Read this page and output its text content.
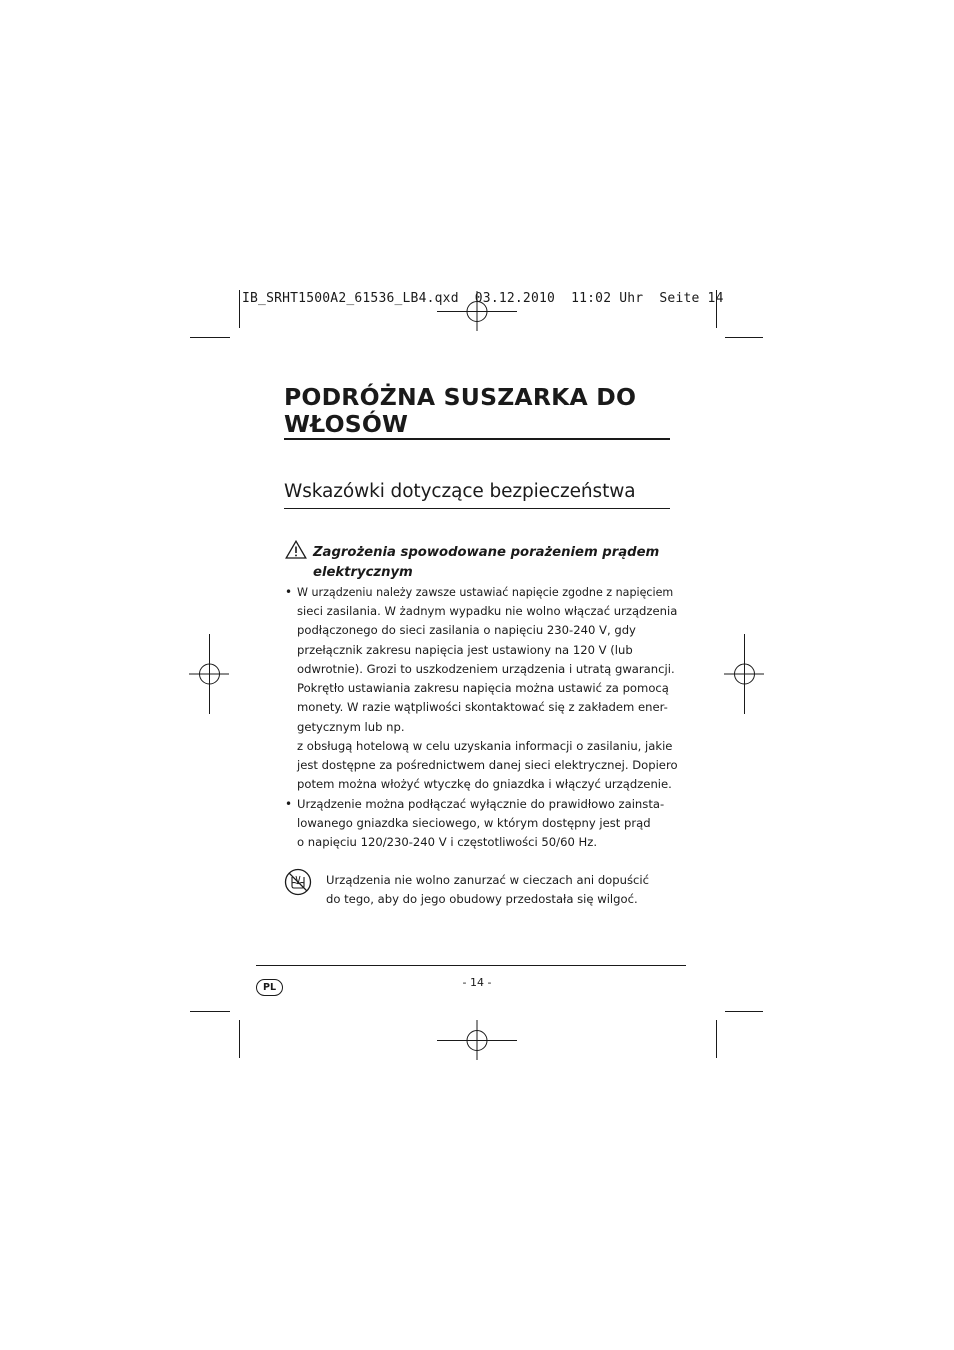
IB_SRHT1500A2_61536_LB4.qxd  03.12.2010  11:02 Uhr  Seite 14
PODRÓŻNA SUSZARKA DO
WŁOSÓW
Wskazówki dotyczące bezpieczeństwa
Zagrożenia spowodowane porażeniem prądem
elektrycznym
• W urządzeniu należy zawsze ustawiać napięcie zgodne z napięciem
sieci zasilania. W żadnym wypadku nie wolno włączać urządzenia
podłączonego do sieci zasilania o napięciu 230-240 V, gdy
przełącznik zakresu napięcia jest ustawiony na 120 V (lub
odwrotnie). Grozi to uszkodzeniem urządzenia i utratą gwarancji.
Pokrętło ustawiania zakresu napięcia można ustawić za pomocą
monety. W razie wątpliwości skontaktować się z zakładem ener-
getycznym lub np.
z obsługą hotelową w celu uzyskania informacji o zasilaniu, jakie
jest dostępne za pośrednictwem danej sieci elektrycznej. Dopiero
potem można włożyć wtyczkę do gniazdka i włączyć urządzenie.
• Urządzenie można podłączać wyłącznie do prawidłowo zainsta-
lowanego gniazdka sieciowego, w którym dostępny jest prąd
o napięciu 120/230-240 V i częstotliwości 50/60 Hz.
Urządzenia nie wolno zanurzać w cieczach ani dopuścić
do tego, aby do jego obudowy przedostała się wilgoć.
PL	- 14 -
